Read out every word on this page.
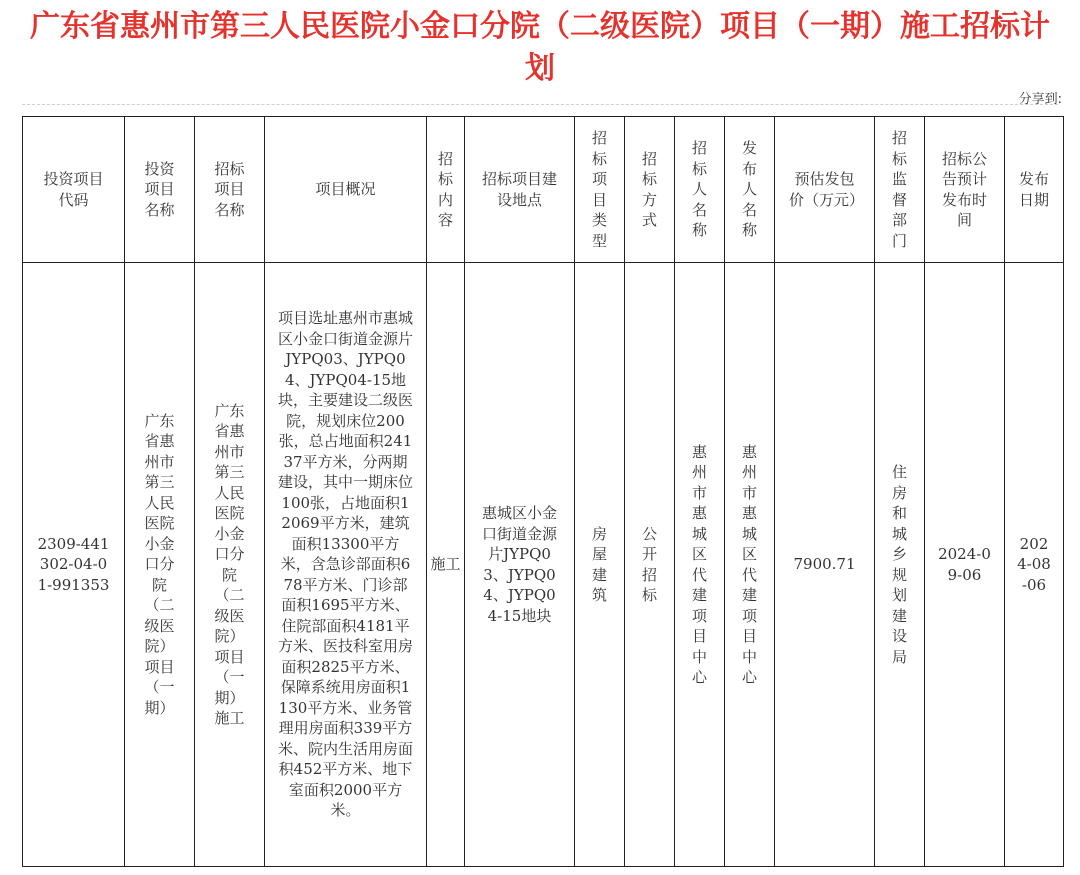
广东省惠州市第三人民医院小金口分院（二级医院）项目（一期）施工招标计划
分享到:
投资项目代码	投资项目名称	招标项目名称	项目概况	招标内容	招标项目建设地点	招标项目类型	招标方式	招标人名称	发布人名称	预估发包价（万元）	招标监督部门	招标公告预计发布时间	发布日期
2309-441302-04-01-991353	广东省惠州市第三人民医院小金口分院（二级医院）项目（一期）	广东省惠州市第三人民医院小金口分院（二级医院）项目（一期）施工	项目选址惠州市惠城区小金口街道金源片JYPQ03、JYPQ04、JYPQ04-15地块，主要建设二级医院，规划床位200张，总占地面积24137平方米，分两期建设，其中一期床位100张，占地面积12069平方米，建筑面积13300平方米，含急诊部面积678平方米、门诊部面积1695平方米、住院部面积4181平方米、医技科室用房面积2825平方米、保障系统用房面积1130平方米、业务管理用房面积339平方米、院内生活用房面积452平方米、地下室面积2000平方米。	施工	惠城区小金口街道金源片JYPQ03、JYPQ04、JYPQ04-15地块	房屋建筑	公开招标	惠州市惠城区代建项目中心	惠州市惠城区代建项目中心	7900.71	住房和城乡规划建设局	2024-09-06	2024-08-06
